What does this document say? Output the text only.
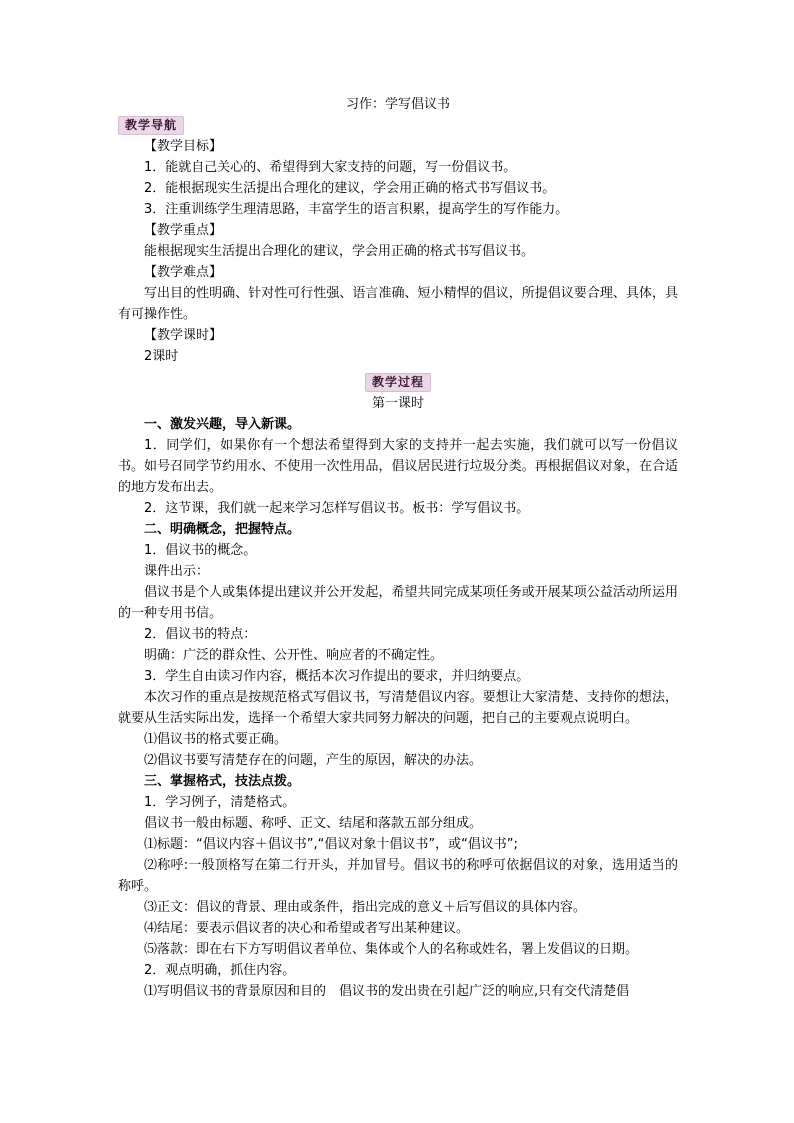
习作：学写倡议书
教学导航
【教学目标】
1．能就自己关心的、希望得到大家支持的问题，写一份倡议书。
2．能根据现实生活提出合理化的建议，学会用正确的格式书写倡议书。
3．注重训练学生理清思路，丰富学生的语言积累，提高学生的写作能力。
【教学重点】
能根据现实生活提出合理化的建议，学会用正确的格式书写倡议书。
【教学难点】
写出目的性明确、针对性可行性强、语言准确、短小精悍的倡议，所提倡议要合理、具体，具有可操作性。
【教学课时】
2课时
教学过程
第一课时
一、激发兴趣，导入新课。
1．同学们，如果你有一个想法希望得到大家的支持并一起去实施，我们就可以写一份倡议书。如号召同学节约用水、不使用一次性用品，倡议居民进行垃圾分类。再根据倡议对象，在合适的地方发布出去。
2．这节课，我们就一起来学习怎样写倡议书。板书：学写倡议书。
二、明确概念，把握特点。
1．倡议书的概念。
课件出示：
倡议书是个人或集体提出建议并公开发起，希望共同完成某项任务或开展某项公益活动所运用的一种专用书信。
2．倡议书的特点：
明确：广泛的群众性、公开性、响应者的不确定性。
3．学生自由读习作内容，概括本次习作提出的要求，并归纳要点。
本次习作的重点是按规范格式写倡议书，写清楚倡议内容。要想让大家清楚、支持你的想法，就要从生活实际出发，选择一个希望大家共同努力解决的问题，把自己的主要观点说明白。
⑴倡议书的格式要正确。
⑵倡议书要写清楚存在的问题，产生的原因，解决的办法。
三、掌握格式，技法点拨。
1．学习例子，清楚格式。
倡议书一般由标题、称呼、正文、结尾和落款五部分组成。
⑴标题：“倡议内容＋倡议书”,“倡议对象十倡议书”，或“倡议书”;
⑵称呼:一般顶格写在第二行开头，并加冒号。倡议书的称呼可依据倡议的对象，选用适当的称呼。
⑶正文：倡议的背景、理由或条件，指出完成的意义＋后写倡议的具体内容。
⑷结尾：要表示倡议者的决心和希望或者写出某种建议。
⑸落款：即在右下方写明倡议者单位、集体或个人的名称或姓名，署上发倡议的日期。
2．观点明确，抓住内容。
⑴写明倡议书的背景原因和目的　倡议书的发出贵在引起广泛的响应,只有交代清楚倡
